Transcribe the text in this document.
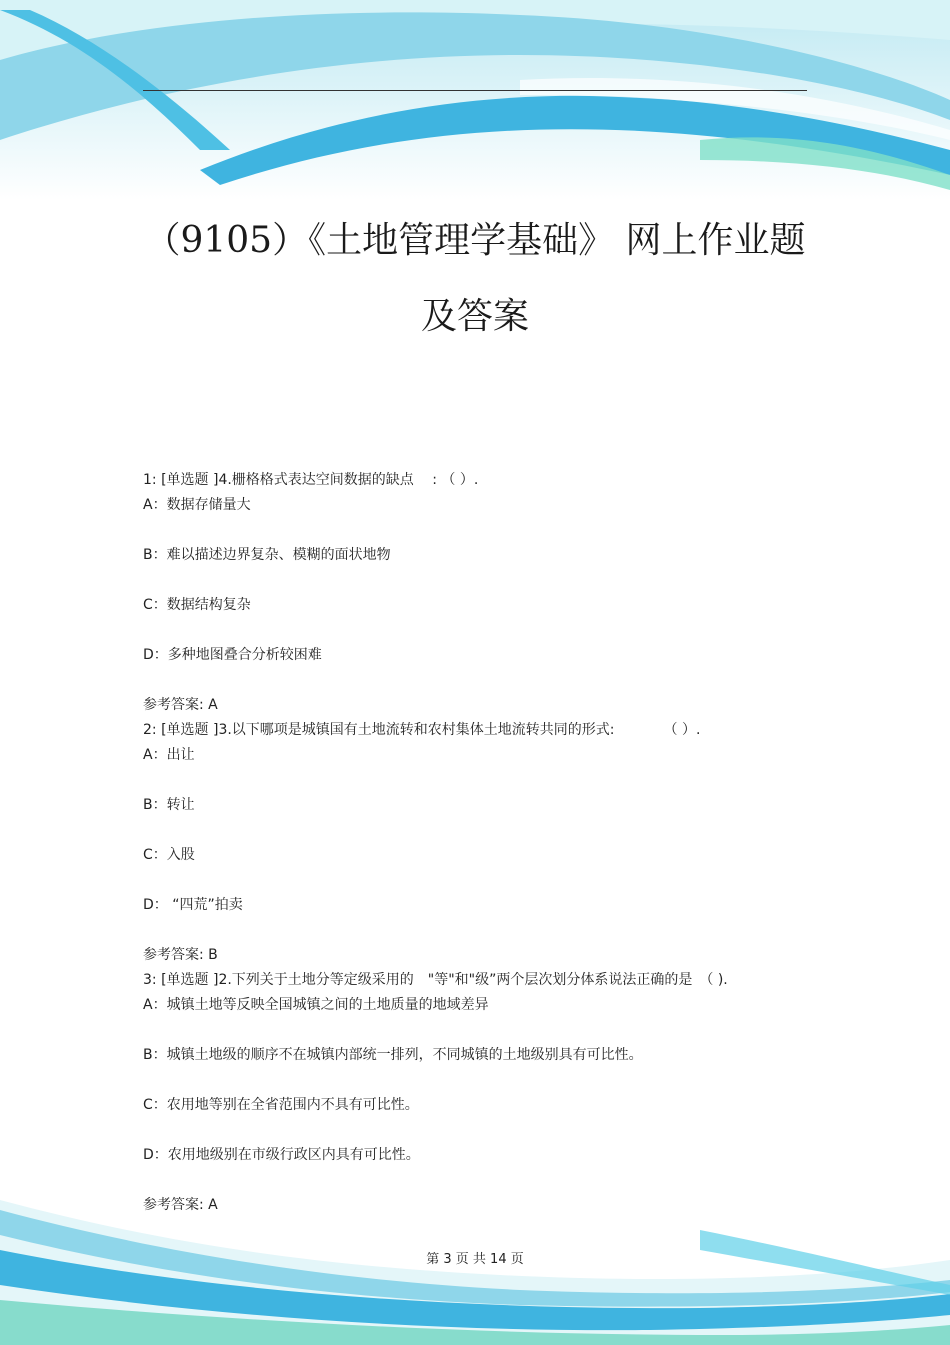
（9105）《土地管理学基础》 网上作业题
及答案
1: [单选题 ]4.栅格格式表达空间数据的缺点　 : （ ）.
A：数据存储量大
B：难以描述边界复杂、模糊的面状地物
C：数据结构复杂
D：多种地图叠合分析较困难
参考答案: A
2: [单选题 ]3.以下哪项是城镇国有土地流转和农村集体土地流转共同的形式:　　　　（ ）.
A：出让
B：转让
C：入股
D： “四荒”拍卖
参考答案: B
3: [单选题 ]2.下列关于土地分等定级采用的　"等"和"级”两个层次划分体系说法正确的是　（ ).
A：城镇土地等反映全国城镇之间的土地质量的地域差异
B：城镇土地级的顺序不在城镇内部统一排列，不同城镇的土地级别具有可比性。
C：农用地等别在全省范围内不具有可比性。
D：农用地级别在市级行政区内具有可比性。
参考答案: A
第 3 页 共 14 页
